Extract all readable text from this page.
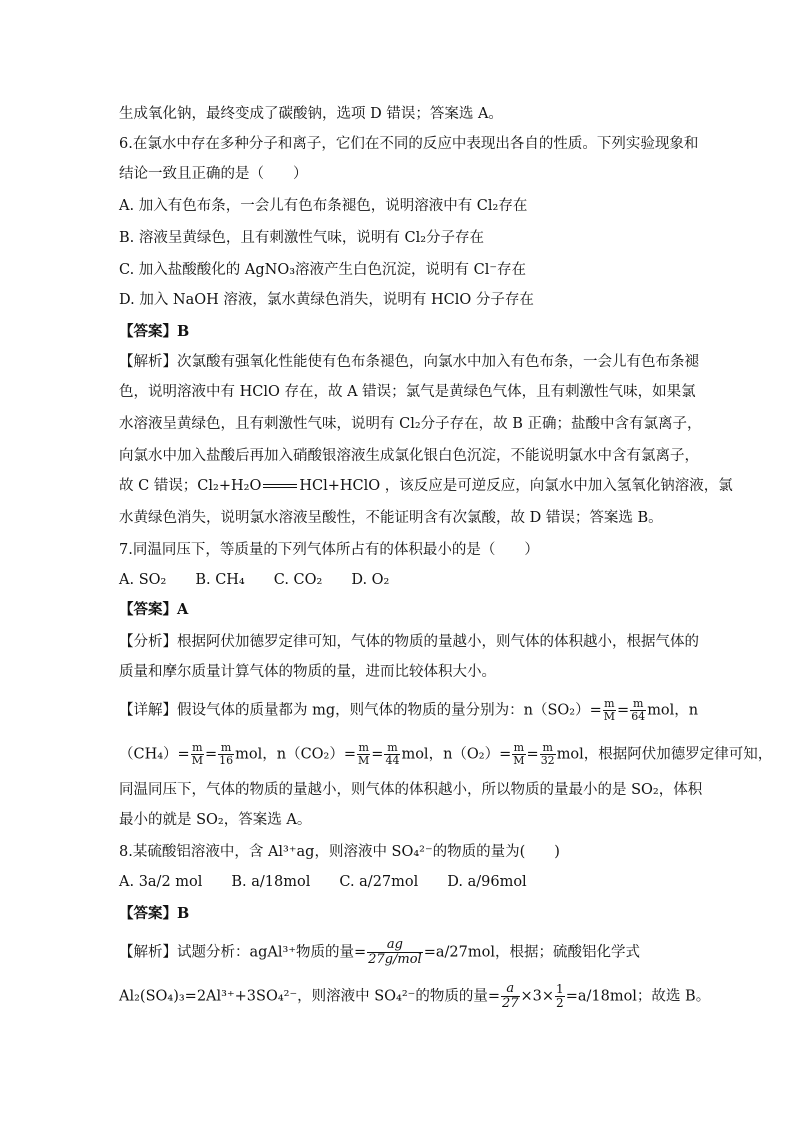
生成氧化钠，最终变成了碳酸钠，选项 D 错误；答案选 A。
6.在氯水中存在多种分子和离子，它们在不同的反应中表现出各自的性质。下列实验现象和
结论一致且正确的是（　　）
A. 加入有色布条，一会儿有色布条褪色，说明溶液中有 Cl₂存在
B. 溶液呈黄绿色，且有刺激性气味，说明有 Cl₂分子存在
C. 加入盐酸酸化的 AgNO₃溶液产生白色沉淀，说明有 Cl⁻存在
D. 加入 NaOH 溶液，氯水黄绿色消失，说明有 HClO 分子存在
【答案】B
【解析】次氯酸有强氧化性能使有色布条褪色，向氯水中加入有色布条，一会儿有色布条褪
色，说明溶液中有 HClO 存在，故 A 错误；氯气是黄绿色气体，且有刺激性气味，如果氯
水溶液呈黄绿色，且有刺激性气味，说明有 Cl₂分子存在，故 B 正确；盐酸中含有氯离子，
向氯水中加入盐酸后再加入硝酸银溶液生成氯化银白色沉淀，不能说明氯水中含有氯离子，
故 C 错误；Cl₂+H₂O	HCl+HClO ，该反应是可逆反应，向氯水中加入氢氧化钠溶液，氯
水黄绿色消失，说明氯水溶液呈酸性，不能证明含有次氯酸，故 D 错误；答案选 B。
7.同温同压下，等质量的下列气体所占有的体积最小的是（　　）
A. SO₂　　B. CH₄　　C. CO₂　　D. O₂
【答案】A
【分析】根据阿伏加德罗定律可知，气体的物质的量越小，则气体的体积越小，根据气体的
质量和摩尔质量计算气体的物质的量，进而比较体积大小。
【详解】假设气体的质量都为 mg，则气体的物质的量分别为：$n(SO_2)= \frac{m}{M} = \frac{m}{64}$ mol，n
$(CH_4)= \frac{m}{M} = \frac{m}{16}$ mol，$n(CO_2)= \frac{m}{M} = \frac{m}{44}$ mol，$n(O_2)= \frac{m}{M} = \frac{m}{32}$ mol，根据阿伏加德罗定律可知，
同温同压下，气体的物质的量越小，则气体的体积越小，所以物质的量最小的是 SO₂，体积
最小的就是 SO₂，答案选 A。
8.某硫酸铝溶液中，含 Al³⁺ag，则溶液中 SO₄²⁻的物质的量为(　　)
A. 3a/2 mol　　B. a/18mol　　C. a/27mol　　D. a/96mol
【答案】B
【解析】试题分析：agAl³⁺物质的量= $\frac{ag}{\text{27g/mol}} =a/27mol$，根据；硫酸铝化学式
Al₂(SO₄)₃=2Al³⁺+3SO₄²⁻，则溶液中 SO₄²⁻的物质的量= $\frac{a}{27} \times 3\times \frac{1}{2} =a/18mol$；故选 B。
